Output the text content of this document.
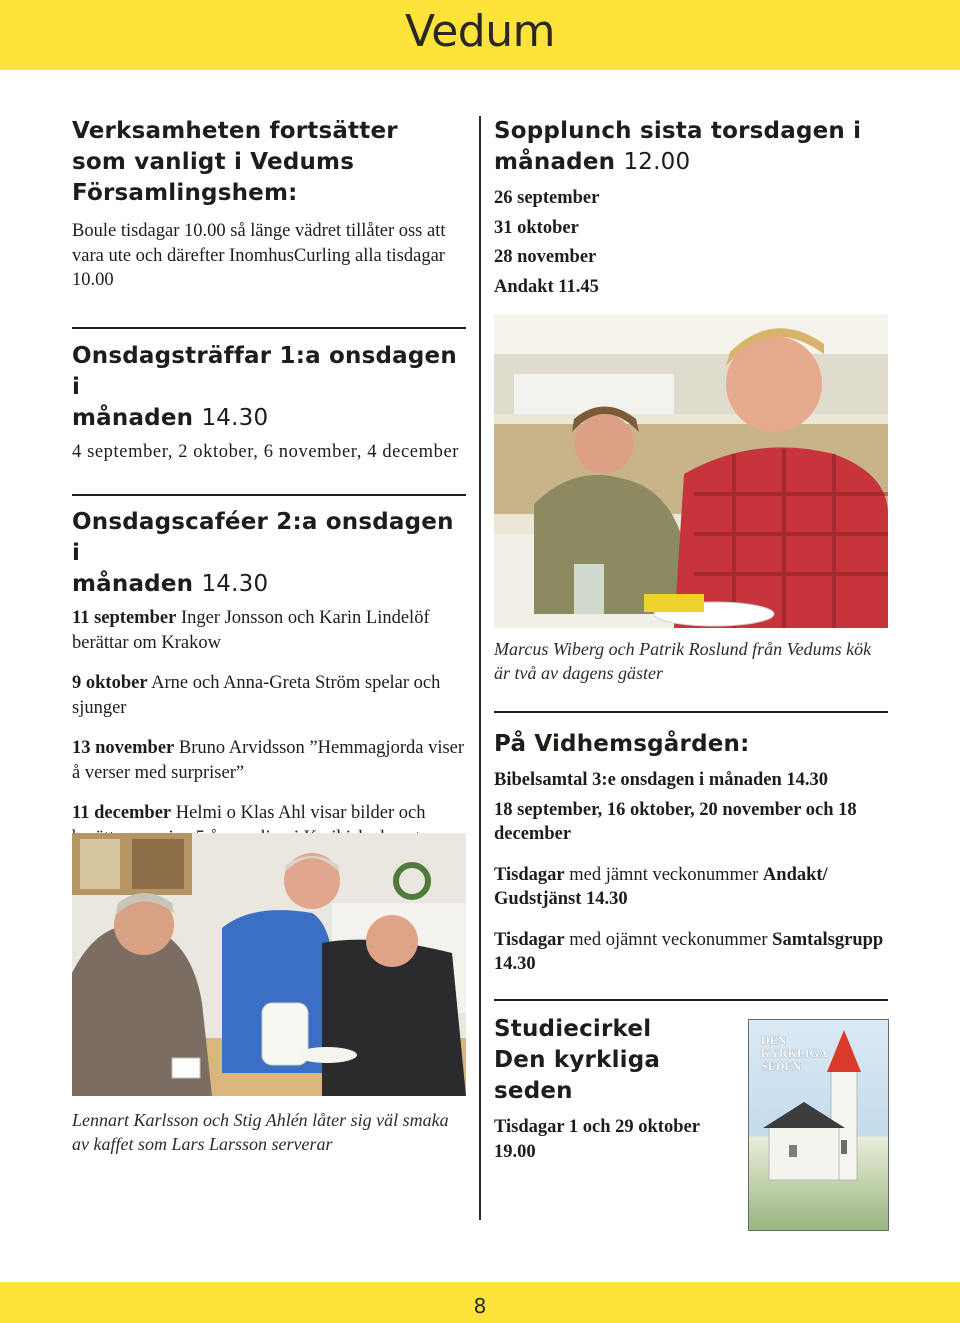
Vedum
Verksamheten fortsätter
som vanligt i Vedums
Församlingshem:

Boule tisdagar 10.00 så länge vädret tillåter oss att vara ute och därefter InomhusCurling alla tisdagar 10.00

Onsdagsträffar 1:a onsdagen i
månaden 14.30

4 september, 2 oktober, 6 november, 4 december

Onsdagscaféer 2:a onsdagen i
månaden 14.30

11 september Inger Jonsson och Karin Lindelöf berättar om Krakow

9 oktober Arne och Anna-Greta Ström spelar och sjunger

13 november Bruno Arvidsson ”Hemmagjorda viser å verser med surpriser”

11 december Helmi o Klas Ahl visar bilder och

Lennart Karlsson och Stig Ahlén låter sig väl smaka av kaffet som Lars Larsson serverar

Sopplunch sista torsdagen i
månaden 12.00

26 september

31 oktober

28 november

Andakt 11.45

Marcus Wiberg och Patrik Roslund från Vedums kök är två av dagens gäster

På Vidhemsgården:

Bibelsamtal 3:e onsdagen i månaden 14.30

18 september, 16 oktober, 20 november och 18 december

Tisdagar med jämnt veckonummer Andakt/ Gudstjänst 14.30

Tisdagar med ojämnt veckonummer Samtalsgrupp 14.30

Studiecirkel
Den kyrkliga seden

Tisdagar 1 och 29 oktober 19.00

DEN KYRKLIGA SEDEN
8
